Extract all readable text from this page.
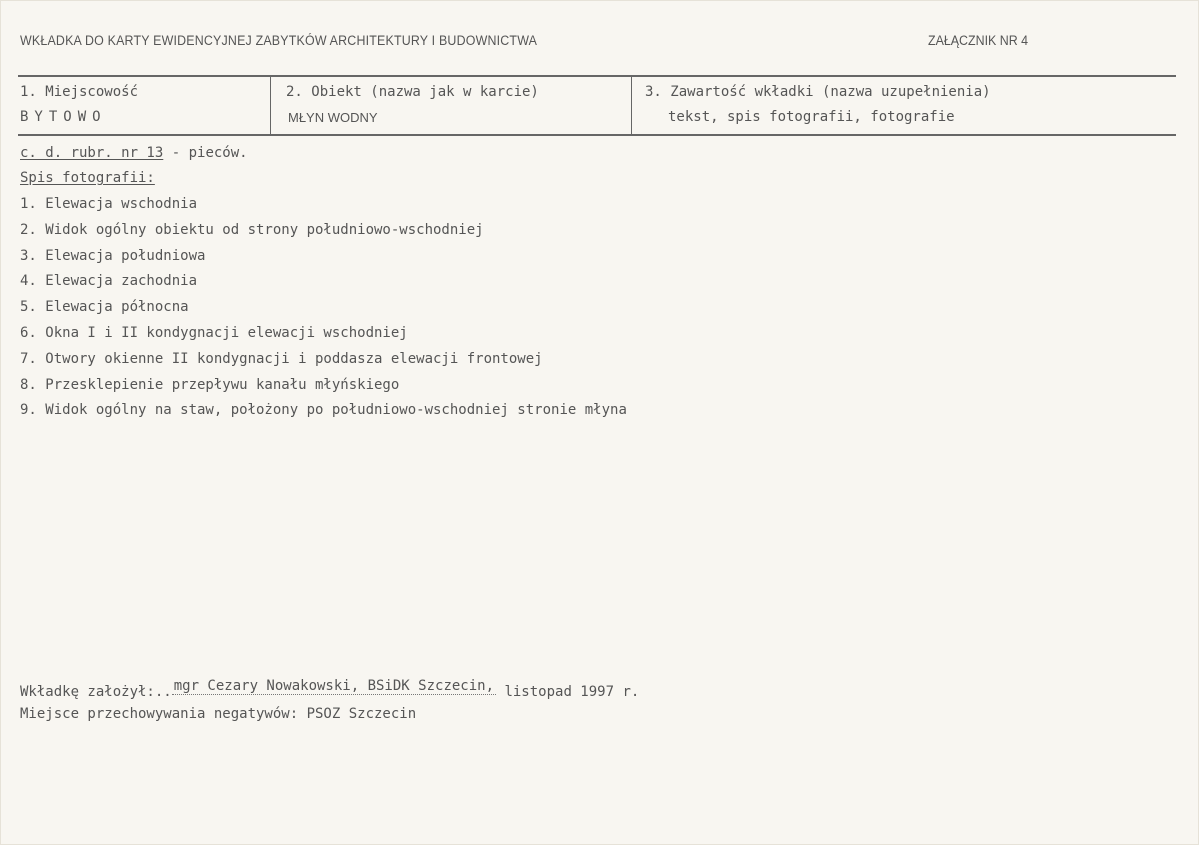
WKŁADKA DO KARTY EWIDENCYJNEJ ZABYTKÓW ARCHITEKTURY I BUDOWNICTWA	ZAŁĄCZNIK NR 4
1. Miejscowość
BYTOWO
2. Obiekt (nazwa jak w karcie)
MŁYN WODNY
3. Zawartość wkładki (nazwa uzupełnienia)
tekst, spis fotografii, fotografie
c. d. rubr. nr 13 - pieców.
Spis fotografii:
1. Elewacja wschodnia
2. Widok ogólny obiektu od strony południowo-wschodniej
3. Elewacja południowa
4. Elewacja zachodnia
5. Elewacja północna
6. Okna I i II kondygnacji elewacji wschodniej
7. Otwory okienne II kondygnacji i poddasza elewacji frontowej
8. Przesklepienie przepływu kanału młyńskiego
9. Widok ogólny na staw, położony po południowo-wschodniej stronie młyna
Wkładkę założył:.. mgr Cezary Nowakowski, BSiDK Szczecin, listopad 1997 r.
Miejsce przechowywania negatywów: PSOZ Szczecin
